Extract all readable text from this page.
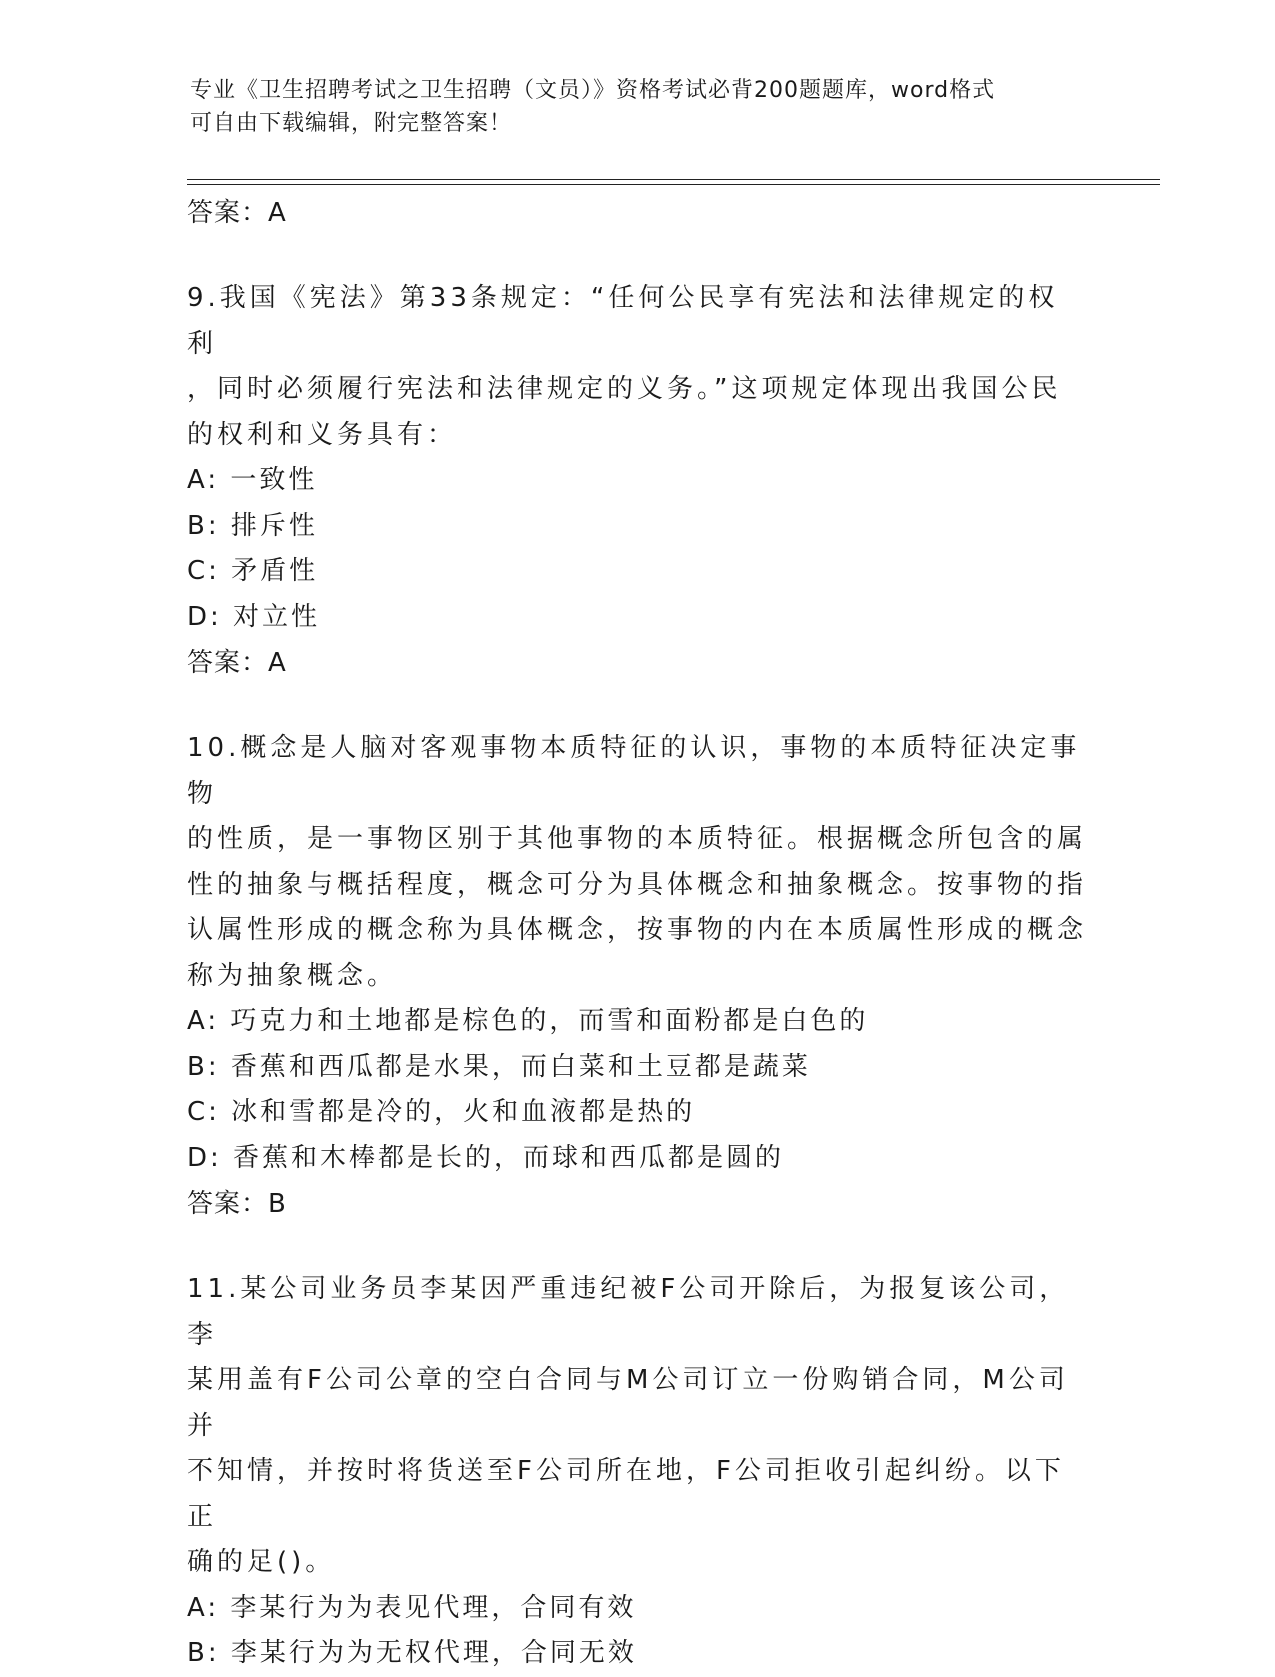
专业《卫生招聘考试之卫生招聘（文员）》资格考试必背200题题库，word格式
可自由下载编辑，附完整答案！
答案：A
9.我国《宪法》第33条规定：“任何公民享有宪法和法律规定的权利
，同时必须履行宪法和法律规定的义务。”这项规定体现出我国公民
的权利和义务具有：
A: 一致性
B: 排斥性
C: 矛盾性
D: 对立性
答案：A
10.概念是人脑对客观事物本质特征的认识，事物的本质特征决定事物
的性质，是一事物区别于其他事物的本质特征。根据概念所包含的属
性的抽象与概括程度，概念可分为具体概念和抽象概念。按事物的指
认属性形成的概念称为具体概念，按事物的内在本质属性形成的概念
称为抽象概念。
A: 巧克力和土地都是棕色的，而雪和面粉都是白色的
B: 香蕉和西瓜都是水果，而白菜和土豆都是蔬菜
C: 冰和雪都是冷的，火和血液都是热的
D: 香蕉和木棒都是长的，而球和西瓜都是圆的
答案：B
11.某公司业务员李某因严重违纪被F公司开除后，为报复该公司，李
某用盖有F公司公章的空白合同与M公司订立一份购销合同，M公司并
不知情，并按时将货送至F公司所在地，F公司拒收引起纠纷。以下正
确的足()。
A: 李某行为为表见代理，合同有效
B: 李某行为为无权代理，合同无效
